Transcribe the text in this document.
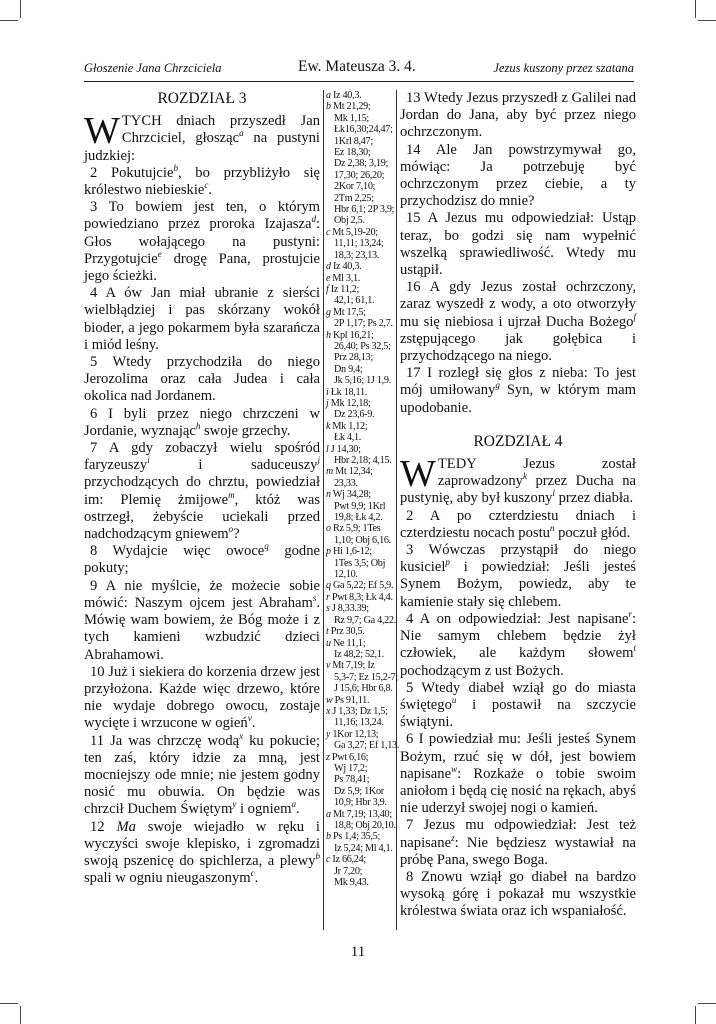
Głoszenie Jana Chrzciciela	Ew. Mateusza 3. 4.	Jezus kuszony przez szatana

ROZDZIAŁ 3

WTYCH dniach przyszedł Jan Chrzciciel, głosząc$^a$ na pustyni judzkiej:

2 Pokutujcie$^b$, bo przybliżyło się królestwo niebieskie$^c$.

3 To bowiem jest ten, o którym powiedziano przez proroka Izajasza$^d$: Głos wołającego na pustyni: Przygotujcie$^e$ drogę Pana, prostujcie jego ścieżki.

4 A ów Jan miał ubranie z sierści wielbłądziej i pas skórzany wokół bioder, a jego pokarmem była szarańcza i miód leśny.

5 Wtedy przychodziła do niego Jerozolima oraz cała Judea i cała okolica nad Jordanem.

6 I byli przez niego chrzczeni w Jordanie, wyznając$^h$ swoje grzechy.

7 A gdy zobaczył wielu spośród faryzeuszy$^i$ i saduceuszy$^j$ przychodzących do chrztu, powiedział im: Plemię żmijowe$^m$, któż was ostrzegł, żebyście uciekali przed nadchodzącym gniewem$^o$?

8 Wydajcie więc owoce$^q$ godne pokuty;

9 A nie myślcie, że możecie sobie mówić: Naszym ojcem jest Abraham$^s$. Mówię wam bowiem, że Bóg może i z tych kamieni wzbudzić dzieci Abrahamowi.

10 Już i siekiera do korzenia drzew jest przyłożona. Każde więc drzewo, które nie wydaje dobrego owocu, zostaje wycięte i wrzucone w ogień$^v$.

11 Ja was chrzczę wodą$^x$ ku pokucie; ten zaś, który idzie za mną, jest mocniejszy ode mnie; nie jestem godny nosić mu obuwia. On będzie was chrzcił Duchem Świętym$^y$ i ogniem$^a$.

12 Ma swoje wiejadło w ręku i wyczyści swoje klepisko, i zgromadzi swoją pszenicę do spichlerza, a plewy$^b$ spali w ogniu nieugaszonym$^c$.

a Iz 40,3.
b Mt 21,29;
Mk 1,15;
Łk16,30;24,47;
1Krl 8,47;
Ez 18,30;
Dz 2,38; 3,19;
17,30; 26,20;
2Kor 7,10;
2Tm 2,25;
Hbr 6,1; 2P 3,9;
Obj 2,5.
c Mt 5,19-20;
11,11; 13,24;
18,3; 23,13.
d Iz 40,3.
e Ml 3,1.
f Iz 11,2;
42,1; 61,1.
g Mt 17,5;
2P 1,17; Ps 2,7.
h Kpl 16,21;
26,40; Ps 32,5;
Prz 28,13;
Dn 9,4;
Jk 5,16; 1J 1,9.
i Łk 18,11.
j Mk 12,18;
Dz 23,6-9.
k Mk 1,12;
Łk 4,1.
l J 14,30;
Hbr 2,18; 4,15.
m Mt 12,34;
23,33.
n Wj 34,28;
Pwt 9,9; 1Krl
19,8; Łk 4,2.
o Rz 5,9; 1Tes
1,10; Obj 6,16.
p Hi 1,6-12;
1Tes 3,5; Obj
12,10.
q Ga 5,22; Ef 5,9.
r Pwt 8,3; Łk 4,4.
s J 8,33.39;
Rz 9,7; Ga 4,22.
t Prz 30,5.
u Ne 11,1;
Iz 48,2; 52,1.
v Mt 7,19; Iz
5,3-7; Ez 15,2-7;
J 15,6; Hbr 6,8.
w Ps 91,11.
x J 1,33; Dz 1,5;
11,16; 13,24.
y 1Kor 12,13;
Ga 3,27; Ef 1,13.
z Pwt 6,16;
Wj 17,2;
Ps 78,41;
Dz 5,9; 1Kor
10,9; Hbr 3,9.
a Mt 7,19; 13,40;
18,8; Obj 20,10.
b Ps 1,4; 35,5;
Iz 5,24; Ml 4,1.
c Iz 66,24;
Jr 7,20;
Mk 9,43.

13 Wtedy Jezus przyszedł z Galilei nad Jordan do Jana, aby być przez niego ochrzczonym.

14 Ale Jan powstrzymywał go, mówiąc: Ja potrzebuję być ochrzczonym przez ciebie, a ty przychodzisz do mnie?

15 A Jezus mu odpowiedział: Ustąp teraz, bo godzi się nam wypełnić wszelką sprawiedliwość. Wtedy mu ustąpił.

16 A gdy Jezus został ochrzczony, zaraz wyszedł z wody, a oto otworzyły mu się niebiosa i ujrzał Ducha Bożego$^f$ zstępującego jak gołębica i przychodzącego na niego.

17 I rozległ się głos z nieba: To jest mój umiłowany$^g$ Syn, w którym mam upodobanie.

ROZDZIAŁ 4

WTEDY Jezus został zaprowadzony$^k$ przez Ducha na pustynię, aby był kuszony$^l$ przez diabła.

2 A po czterdziestu dniach i czterdziestu nocach postu$^n$ poczuł głód.

3 Wówczas przystąpił do niego kusiciel$^p$ i powiedział: Jeśli jesteś Synem Bożym, powiedz, aby te kamienie stały się chlebem.

4 A on odpowiedział: Jest napisane$^r$: Nie samym chlebem będzie żył człowiek, ale każdym słowem$^t$ pochodzącym z ust Bożych.

5 Wtedy diabeł wziął go do miasta świętego$^u$ i postawił na szczycie świątyni.

6 I powiedział mu: Jeśli jesteś Synem Bożym, rzuć się w dół, jest bowiem napisane$^w$: Rozkaże o tobie swoim aniołom i będą cię nosić na rękach, abyś nie uderzył swojej nogi o kamień.

7 Jezus mu odpowiedział: Jest też napisane$^z$: Nie będziesz wystawiał na próbę Pana, swego Boga.

8 Znowu wziął go diabeł na bardzo wysoką górę i pokazał mu wszystkie królestwa świata oraz ich wspaniałość.

11
